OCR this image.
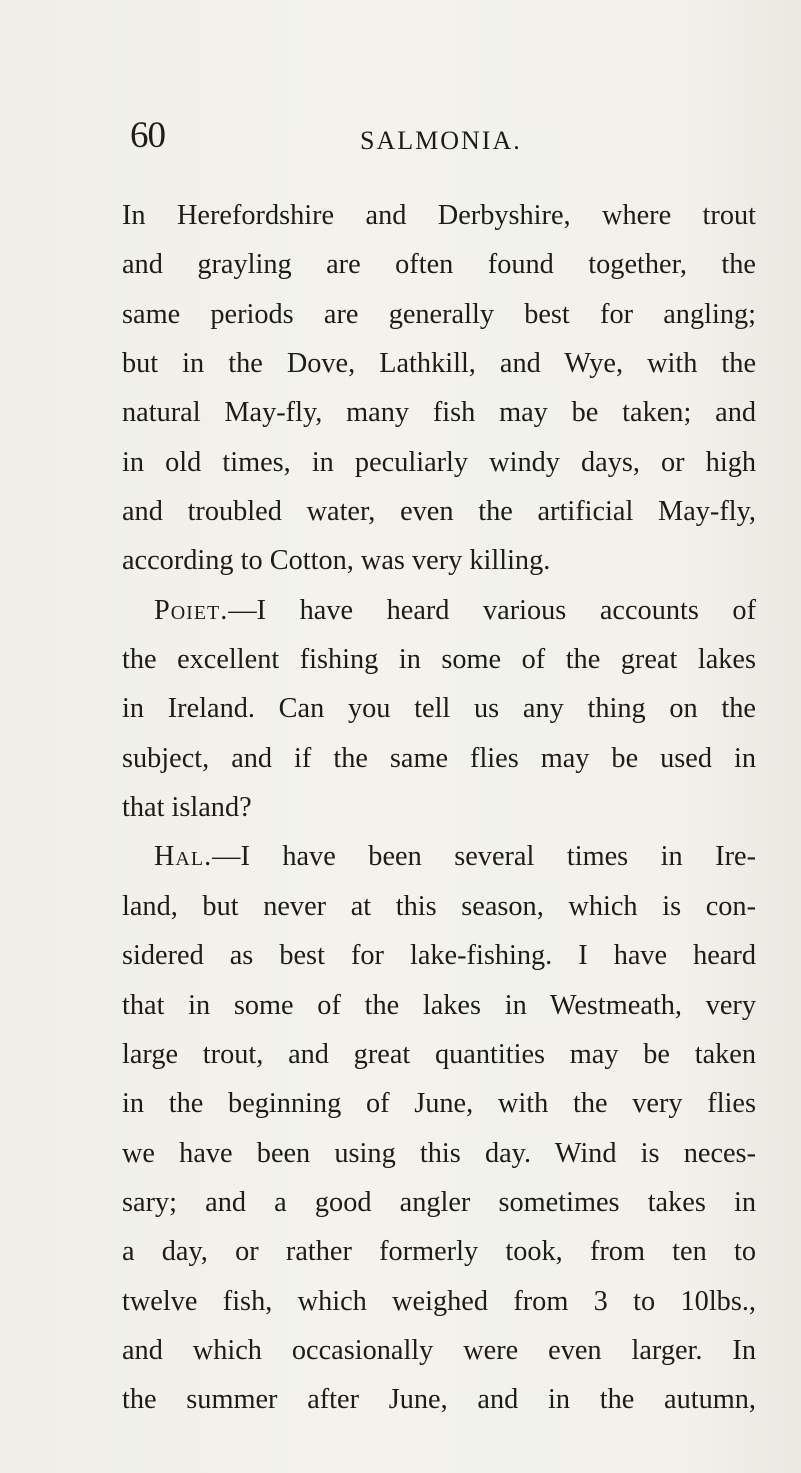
60	SALMONIA.
In Herefordshire and Derbyshire, where trout
and grayling are often found together, the
same periods are generally best for angling;
but in the Dove, Lathkill, and Wye, with the
natural May-fly, many fish may be taken; and
in old times, in peculiarly windy days, or high
and troubled water, even the artificial May-fly,
according to Cotton, was very killing.
Poiet.—I have heard various accounts of
the excellent fishing in some of the great lakes
in Ireland. Can you tell us any thing on the
subject, and if the same flies may be used in
that island?
Hal.—I have been several times in Ire-
land, but never at this season, which is con-
sidered as best for lake-fishing. I have heard
that in some of the lakes in Westmeath, very
large trout, and great quantities may be taken
in the beginning of June, with the very flies
we have been using this day. Wind is neces-
sary; and a good angler sometimes takes in
a day, or rather formerly took, from ten to
twelve fish, which weighed from 3 to 10lbs.,
and which occasionally were even larger. In
the summer after June, and in the autumn,
